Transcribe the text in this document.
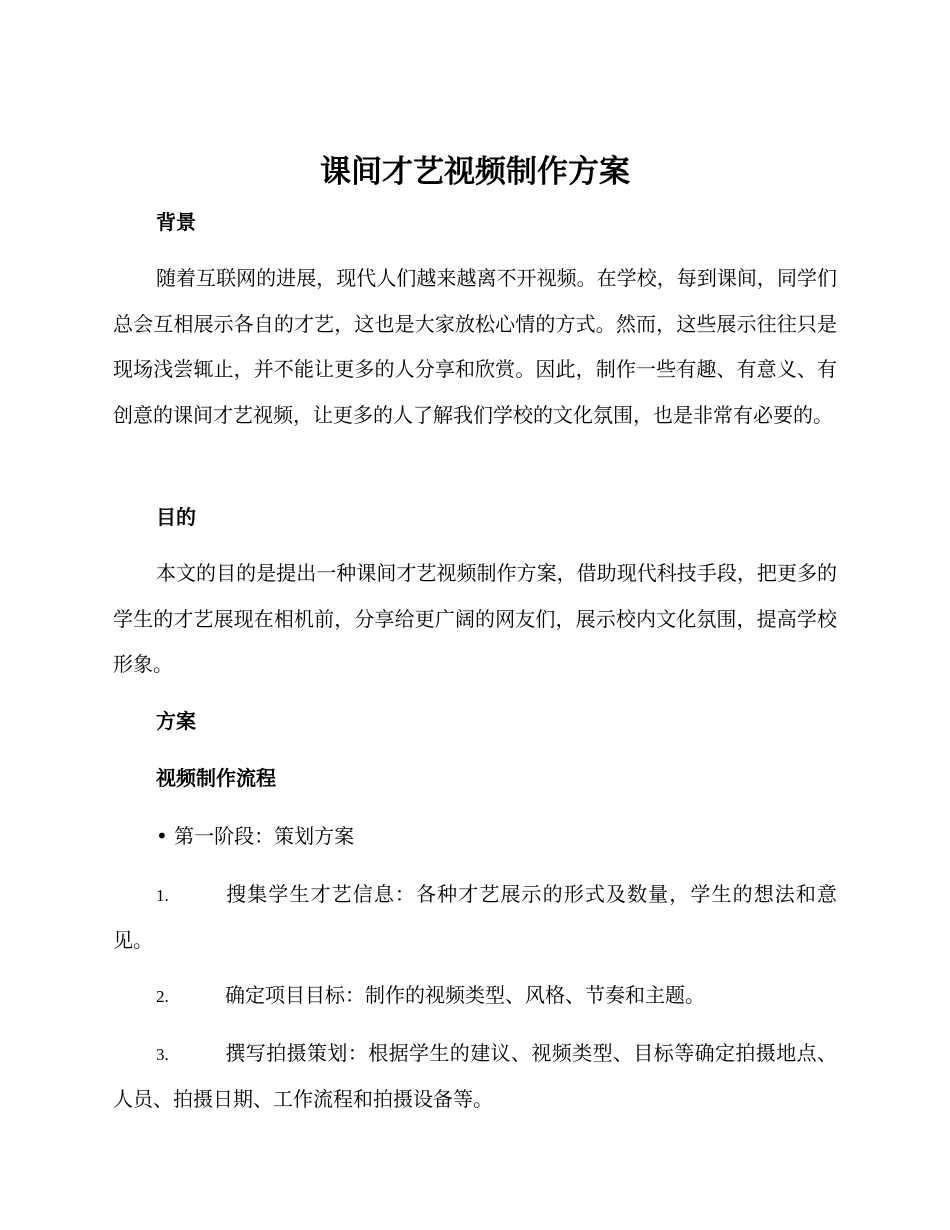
课间才艺视频制作方案
背景

随着互联网的进展，现代人们越来越离不开视频。在学校，每到课间，同学们总会互相展示各自的才艺，这也是大家放松心情的方式。然而，这些展示往往只是现场浅尝辄止，并不能让更多的人分享和欣赏。因此，制作一些有趣、有意义、有创意的课间才艺视频，让更多的人了解我们学校的文化氛围，也是非常有必要的。

目的

本文的目的是提出一种课间才艺视频制作方案，借助现代科技手段，把更多的学生的才艺展现在相机前，分享给更广阔的网友们，展示校内文化氛围，提高学校形象。

方案
视频制作流程
• 第一阶段：策划方案

1.	搜集学生才艺信息：各种才艺展示的形式及数量，学生的想法和意见。

2.	确定项目目标：制作的视频类型、风格、节奏和主题。

3.	撰写拍摄策划：根据学生的建议、视频类型、目标等确定拍摄地点、人员、拍摄日期、工作流程和拍摄设备等。
